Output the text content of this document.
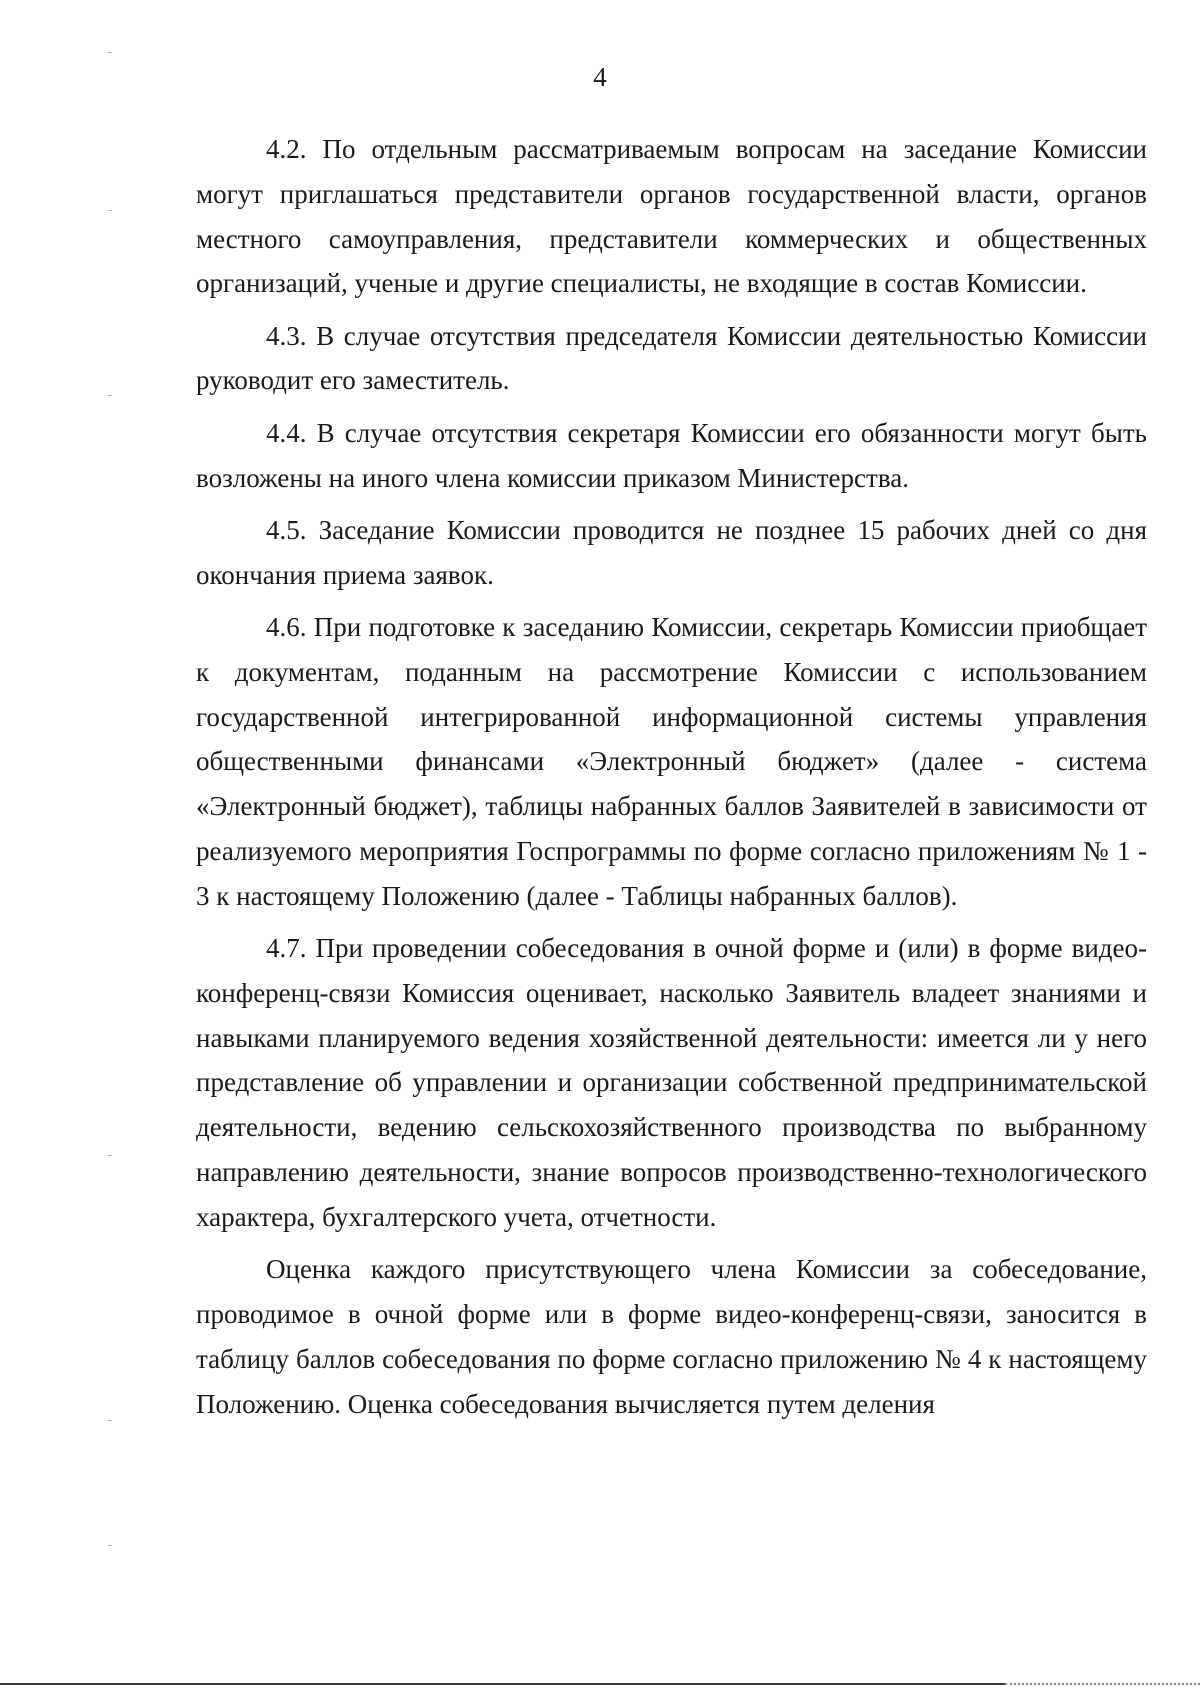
4

4.2. По отдельным рассматриваемым вопросам на заседание Комиссии могут приглашаться представители органов государственной власти, органов местного самоуправления, представители коммерческих и общественных организаций, ученые и другие специалисты, не входящие в состав Комиссии.

4.3. В случае отсутствия председателя Комиссии деятельностью Комиссии руководит его заместитель.

4.4. В случае отсутствия секретаря Комиссии его обязанности могут быть возложены на иного члена комиссии приказом Министерства.

4.5. Заседание Комиссии проводится не позднее 15 рабочих дней со дня окончания приема заявок.

4.6. При подготовке к заседанию Комиссии, секретарь Комиссии приобщает к документам, поданным на рассмотрение Комиссии с использованием государственной интегрированной информационной системы управления общественными финансами «Электронный бюджет» (далее - система «Электронный бюджет), таблицы набранных баллов Заявителей в зависимости от реализуемого мероприятия Госпрограммы по форме согласно приложениям № 1 - 3 к настоящему Положению (далее - Таблицы набранных баллов).

4.7. При проведении собеседования в очной форме и (или) в форме видео-конференц-связи Комиссия оценивает, насколько Заявитель владеет знаниями и навыками планируемого ведения хозяйственной деятельности: имеется ли у него представление об управлении и организации собственной предпринимательской деятельности, ведению сельскохозяйственного производства по выбранному направлению деятельности, знание вопросов производственно-технологического характера, бухгалтерского учета, отчетности.

Оценка каждого присутствующего члена Комиссии за собеседование, проводимое в очной форме или в форме видео-конференц-связи, заносится в таблицу баллов собеседования по форме согласно приложению № 4 к настоящему Положению. Оценка собеседования вычисляется путем деления
